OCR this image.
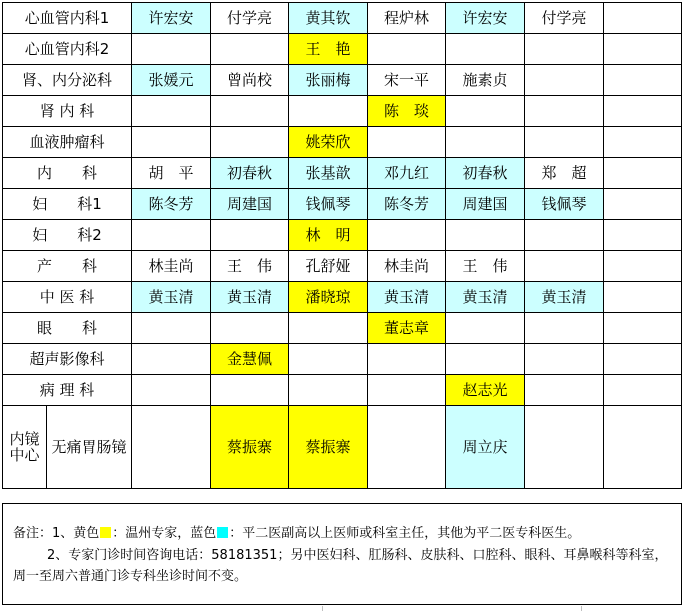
心血管内科1		许宏安	付学亮	黄其钦	程炉林	许宏安	付学亮	
心血管内科2				王　艳				
肾、内分泌科		张媛元	曾尚校	张丽梅	宋一平	施素贞		
肾 内 科					陈　琰			
血液肿瘤科				姚荣欣				
内　　科		胡　平	初春秋	张基歆	邓九红	初春秋	郑　超	
妇　　科1		陈冬芳	周建国	钱佩琴	陈冬芳	周建国	钱佩琴	
妇　　科2				林　明				
产　　科		林圭尚	王　伟	孔舒娅	林圭尚	王　伟		
中 医 科		黄玉清	黄玉清	潘晓琼	黄玉清	黄玉清	黄玉清	
眼　　科					董志章			
超声影像科			金慧佩					
病 理 科						赵志光		
内镜中心	无痛胃肠镜		蔡振寨	蔡振寨		周立庆		
备注：1、黄色 ：温州专家，蓝色 ：平二医副高以上医师或科室主任，其他为平二医专科医生。
2、专家门诊时间咨询电话：58181351；另中医妇科、肛肠科、皮肤科、口腔科、眼科、耳鼻喉科等科室，周一至周六普通门诊专科坐诊时间不变。
